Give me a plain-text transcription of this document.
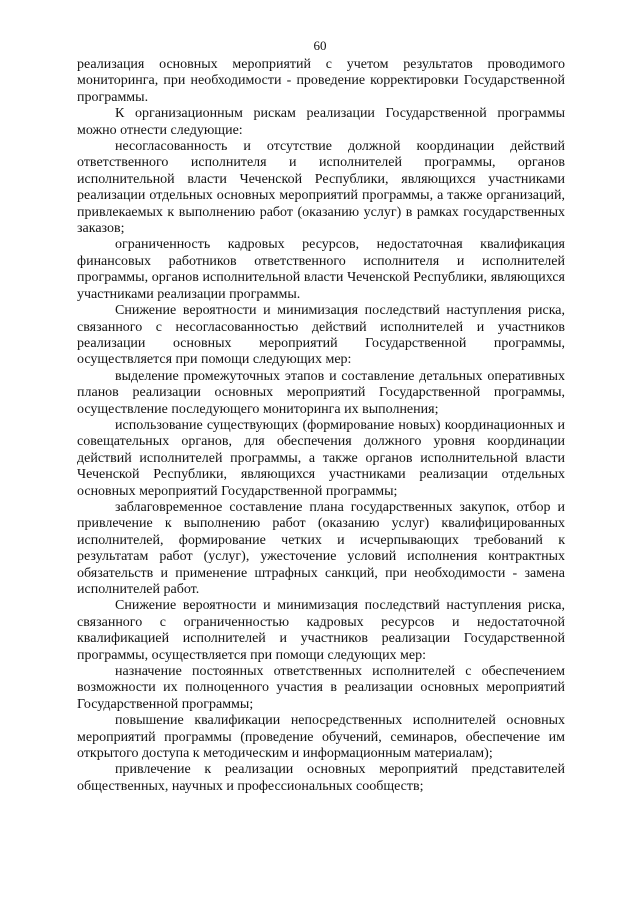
60

реализация основных мероприятий с учетом результатов проводимого мониторинга, при необходимости - проведение корректировки Государственной программы.

К организационным рискам реализации Государственной программы можно отнести следующие:

несогласованность и отсутствие должной координации действий ответственного исполнителя и исполнителей программы, органов исполнительной власти Чеченской Республики, являющихся участниками реализации отдельных основных мероприятий программы, а также организаций, привлекаемых к выполнению работ (оказанию услуг) в рамках государственных заказов;

ограниченность кадровых ресурсов, недостаточная квалификация финансовых работников ответственного исполнителя и исполнителей программы, органов исполнительной власти Чеченской Республики, являющихся участниками реализации программы.

Снижение вероятности и минимизация последствий наступления риска, связанного с несогласованностью действий исполнителей и участников реализации основных мероприятий Государственной программы, осуществляется при помощи следующих мер:

выделение промежуточных этапов и составление детальных оперативных планов реализации основных мероприятий Государственной программы, осуществление последующего мониторинга их выполнения;

использование существующих (формирование новых) координационных и совещательных органов, для обеспечения должного уровня координации действий исполнителей программы, а также органов исполнительной власти Чеченской Республики, являющихся участниками реализации отдельных основных мероприятий Государственной программы;

заблаговременное составление плана государственных закупок, отбор и привлечение к выполнению работ (оказанию услуг) квалифицированных исполнителей, формирование четких и исчерпывающих требований к результатам работ (услуг), ужесточение условий исполнения контрактных обязательств и применение штрафных санкций, при необходимости - замена исполнителей работ.

Снижение вероятности и минимизация последствий наступления риска, связанного с ограниченностью кадровых ресурсов и недостаточной квалификацией исполнителей и участников реализации Государственной программы, осуществляется при помощи следующих мер:

назначение постоянных ответственных исполнителей с обеспечением возможности их полноценного участия в реализации основных мероприятий Государственной программы;

повышение квалификации непосредственных исполнителей основных мероприятий программы (проведение обучений, семинаров, обеспечение им открытого доступа к методическим и информационным материалам);

привлечение к реализации основных мероприятий представителей общественных, научных и профессиональных сообществ;
